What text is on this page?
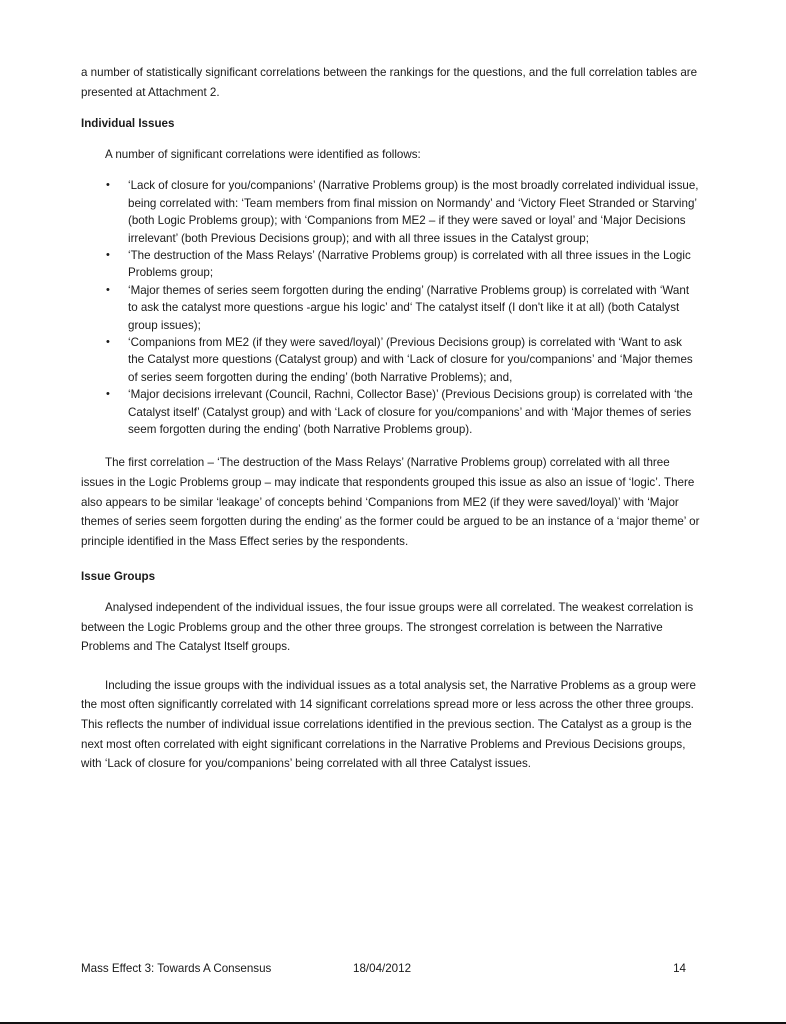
a number of statistically significant correlations between the rankings for the questions, and the full correlation tables are presented at Attachment 2.

Individual Issues

A number of significant correlations were identified as follows:

• ‘Lack of closure for you/companions’ (Narrative Problems group) is the most broadly correlated individual issue, being correlated with: ‘Team members from final mission on Normandy’ and ‘Victory Fleet Stranded or Starving’ (both Logic Problems group); with ‘Companions from ME2 – if they were saved or loyal’ and ‘Major Decisions irrelevant’ (both Previous Decisions group); and with all three issues in the Catalyst group;
• ‘The destruction of the Mass Relays’ (Narrative Problems group) is correlated with all three issues in the Logic Problems group;
• ‘Major themes of series seem forgotten during the ending’ (Narrative Problems group) is correlated with ‘Want to ask the catalyst more questions -argue his logic’ and‘ The catalyst itself (I don't like it at all) (both Catalyst group issues);
• ‘Companions from ME2 (if they were saved/loyal)’ (Previous Decisions group) is correlated with ‘Want to ask the Catalyst more questions (Catalyst group) and with ‘Lack of closure for you/companions’ and ‘Major themes of series seem forgotten during the ending’ (both Narrative Problems); and,
• ‘Major decisions irrelevant (Council, Rachni, Collector Base)’ (Previous Decisions group) is correlated with ‘the Catalyst itself’ (Catalyst group) and with ‘Lack of closure for you/companions’ and with ‘Major themes of series seem forgotten during the ending’ (both Narrative Problems group).

The first correlation – ‘The destruction of the Mass Relays’ (Narrative Problems group) correlated with all three issues in the Logic Problems group – may indicate that respondents grouped this issue as also an issue of ‘logic’. There also appears to be similar ‘leakage’ of concepts behind ‘Companions from ME2 (if they were saved/loyal)’ with ‘Major themes of series seem forgotten during the ending’ as the former could be argued to be an instance of a ‘major theme’ or principle identified in the Mass Effect series by the respondents.

Issue Groups

Analysed independent of the individual issues, the four issue groups were all correlated. The weakest correlation is between the Logic Problems group and the other three groups. The strongest correlation is between the Narrative Problems and The Catalyst Itself groups.

Including the issue groups with the individual issues as a total analysis set, the Narrative Problems as a group were the most often significantly correlated with 14 significant correlations spread more or less across the other three groups. This reflects the number of individual issue correlations identified in the previous section. The Catalyst as a group is the next most often correlated with eight significant correlations in the Narrative Problems and Previous Decisions groups, with ‘Lack of closure for you/companions’ being correlated with all three Catalyst issues.

Mass Effect 3: Towards A Consensus	18/04/2012	14
